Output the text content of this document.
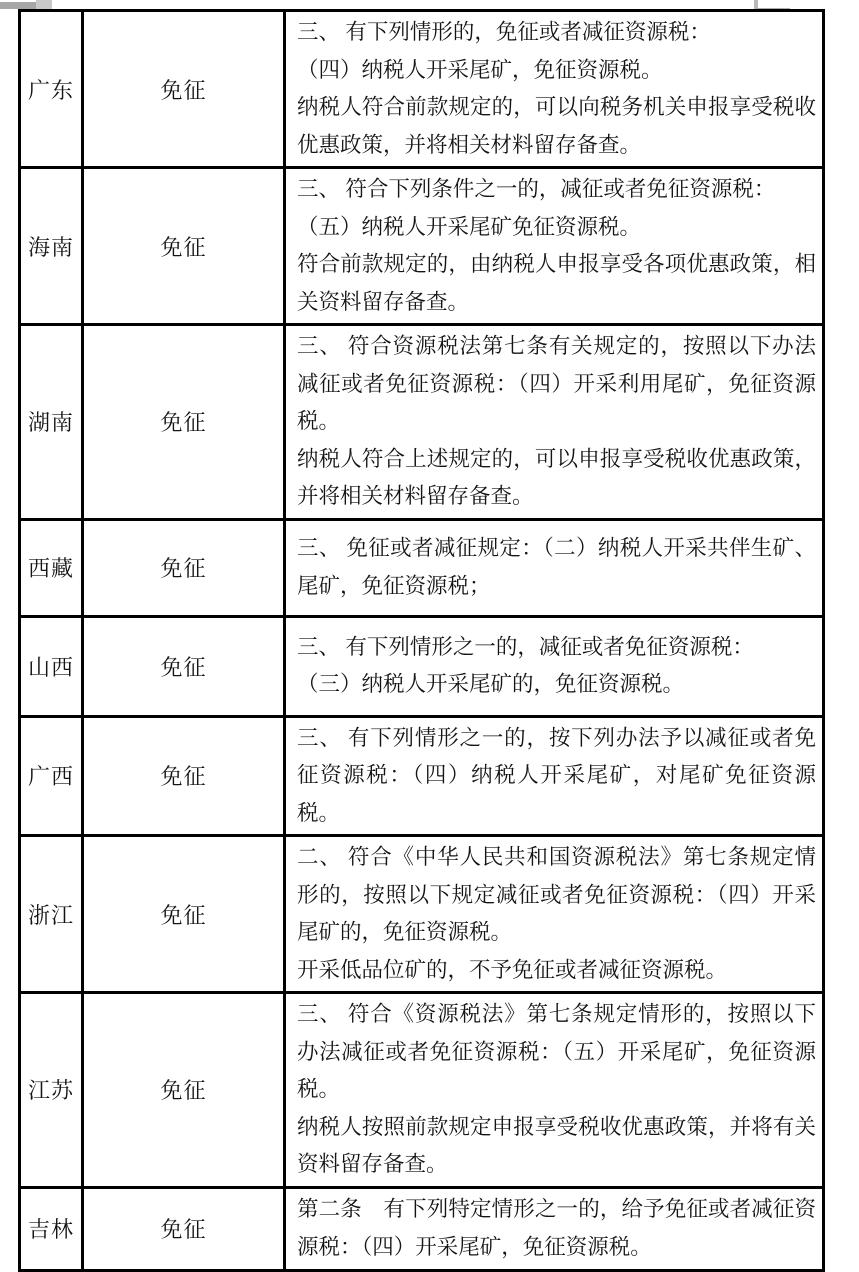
广东	免征	三、 有下列情形的，免征或者减征资源税：
（四）纳税人开采尾矿，免征资源税。
纳税人符合前款规定的，可以向税务机关申报享受税收优惠政策，并将相关材料留存备查。

海南	免征	三、 符合下列条件之一的，减征或者免征资源税：
（五）纳税人开采尾矿免征资源税。
符合前款规定的，由纳税人申报享受各项优惠政策，相关资料留存备查。

湖南	免征	三、 符合资源税法第七条有关规定的，按照以下办法减征或者免征资源税：（四）开采利用尾矿，免征资源税。
纳税人符合上述规定的，可以申报享受税收优惠政策，并将相关材料留存备查。

西藏	免征	三、 免征或者减征规定：（二）纳税人开采共伴生矿、尾矿，免征资源税；

山西	免征	三、 有下列情形之一的，减征或者免征资源税：
（三）纳税人开采尾矿的，免征资源税。

广西	免征	三、 有下列情形之一的，按下列办法予以减征或者免征资源税：（四）纳税人开采尾矿，对尾矿免征资源税。

浙江	免征	二、 符合《中华人民共和国资源税法》第七条规定情形的，按照以下规定减征或者免征资源税：（四）开采尾矿的，免征资源税。
开采低品位矿的，不予免征或者减征资源税。

江苏	免征	三、 符合《资源税法》第七条规定情形的，按照以下办法减征或者免征资源税：（五）开采尾矿，免征资源税。
纳税人按照前款规定申报享受税收优惠政策，并将有关资料留存备查。

吉林	免征	第二条　有下列特定情形之一的，给予免征或者减征资源税：（四）开采尾矿，免征资源税。
